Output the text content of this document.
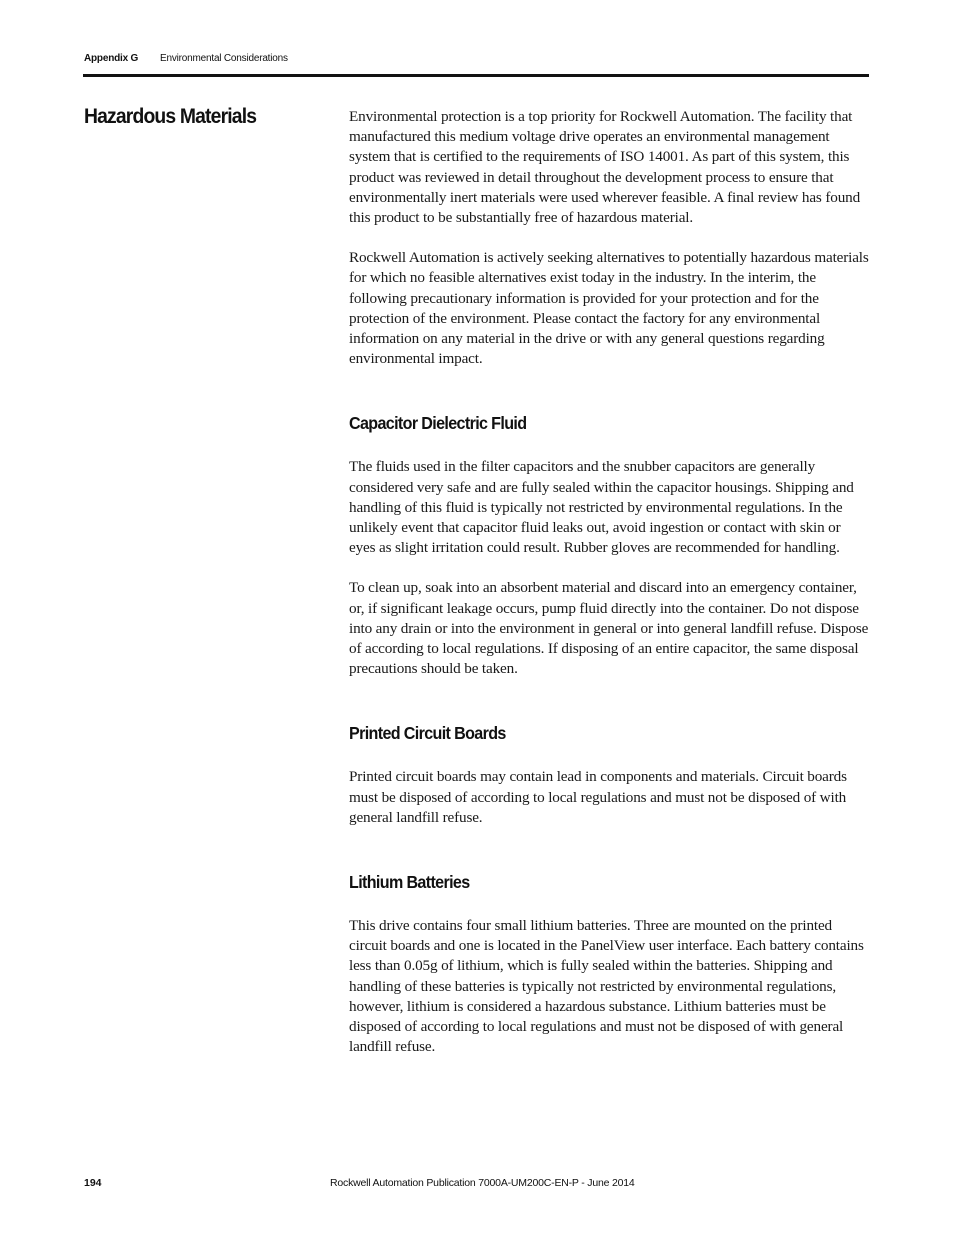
Appendix G Environmental Considerations
Hazardous Materials	Environmental protection is a top priority for Rockwell Automation. The facility that manufactured this medium voltage drive operates an environmental management system that is certified to the requirements of ISO 14001. As part of this system, this product was reviewed in detail throughout the development process to ensure that environmentally inert materials were used wherever feasible. A final review has found this product to be substantially free of hazardous material.

Rockwell Automation is actively seeking alternatives to potentially hazardous materials for which no feasible alternatives exist today in the industry. In the interim, the following precautionary information is provided for your protection and for the protection of the environment. Please contact the factory for any environmental information on any material in the drive or with any general questions regarding environmental impact.

Capacitor Dielectric Fluid

The fluids used in the filter capacitors and the snubber capacitors are generally considered very safe and are fully sealed within the capacitor housings. Shipping and handling of this fluid is typically not restricted by environmental regulations. In the unlikely event that capacitor fluid leaks out, avoid ingestion or contact with skin or eyes as slight irritation could result. Rubber gloves are recommended for handling.

To clean up, soak into an absorbent material and discard into an emergency container, or, if significant leakage occurs, pump fluid directly into the container. Do not dispose into any drain or into the environment in general or into general landfill refuse. Dispose of according to local regulations. If disposing of an entire capacitor, the same disposal precautions should be taken.

Printed Circuit Boards

Printed circuit boards may contain lead in components and materials. Circuit boards must be disposed of according to local regulations and must not be disposed of with general landfill refuse.

Lithium Batteries

This drive contains four small lithium batteries. Three are mounted on the printed circuit boards and one is located in the PanelView user interface. Each battery contains less than 0.05g of lithium, which is fully sealed within the batteries. Shipping and handling of these batteries is typically not restricted by environmental regulations, however, lithium is considered a hazardous substance. Lithium batteries must be disposed of according to local regulations and must not be disposed of with general landfill refuse.

194	Rockwell Automation Publication 7000A-UM200C-EN-P - June 2014
